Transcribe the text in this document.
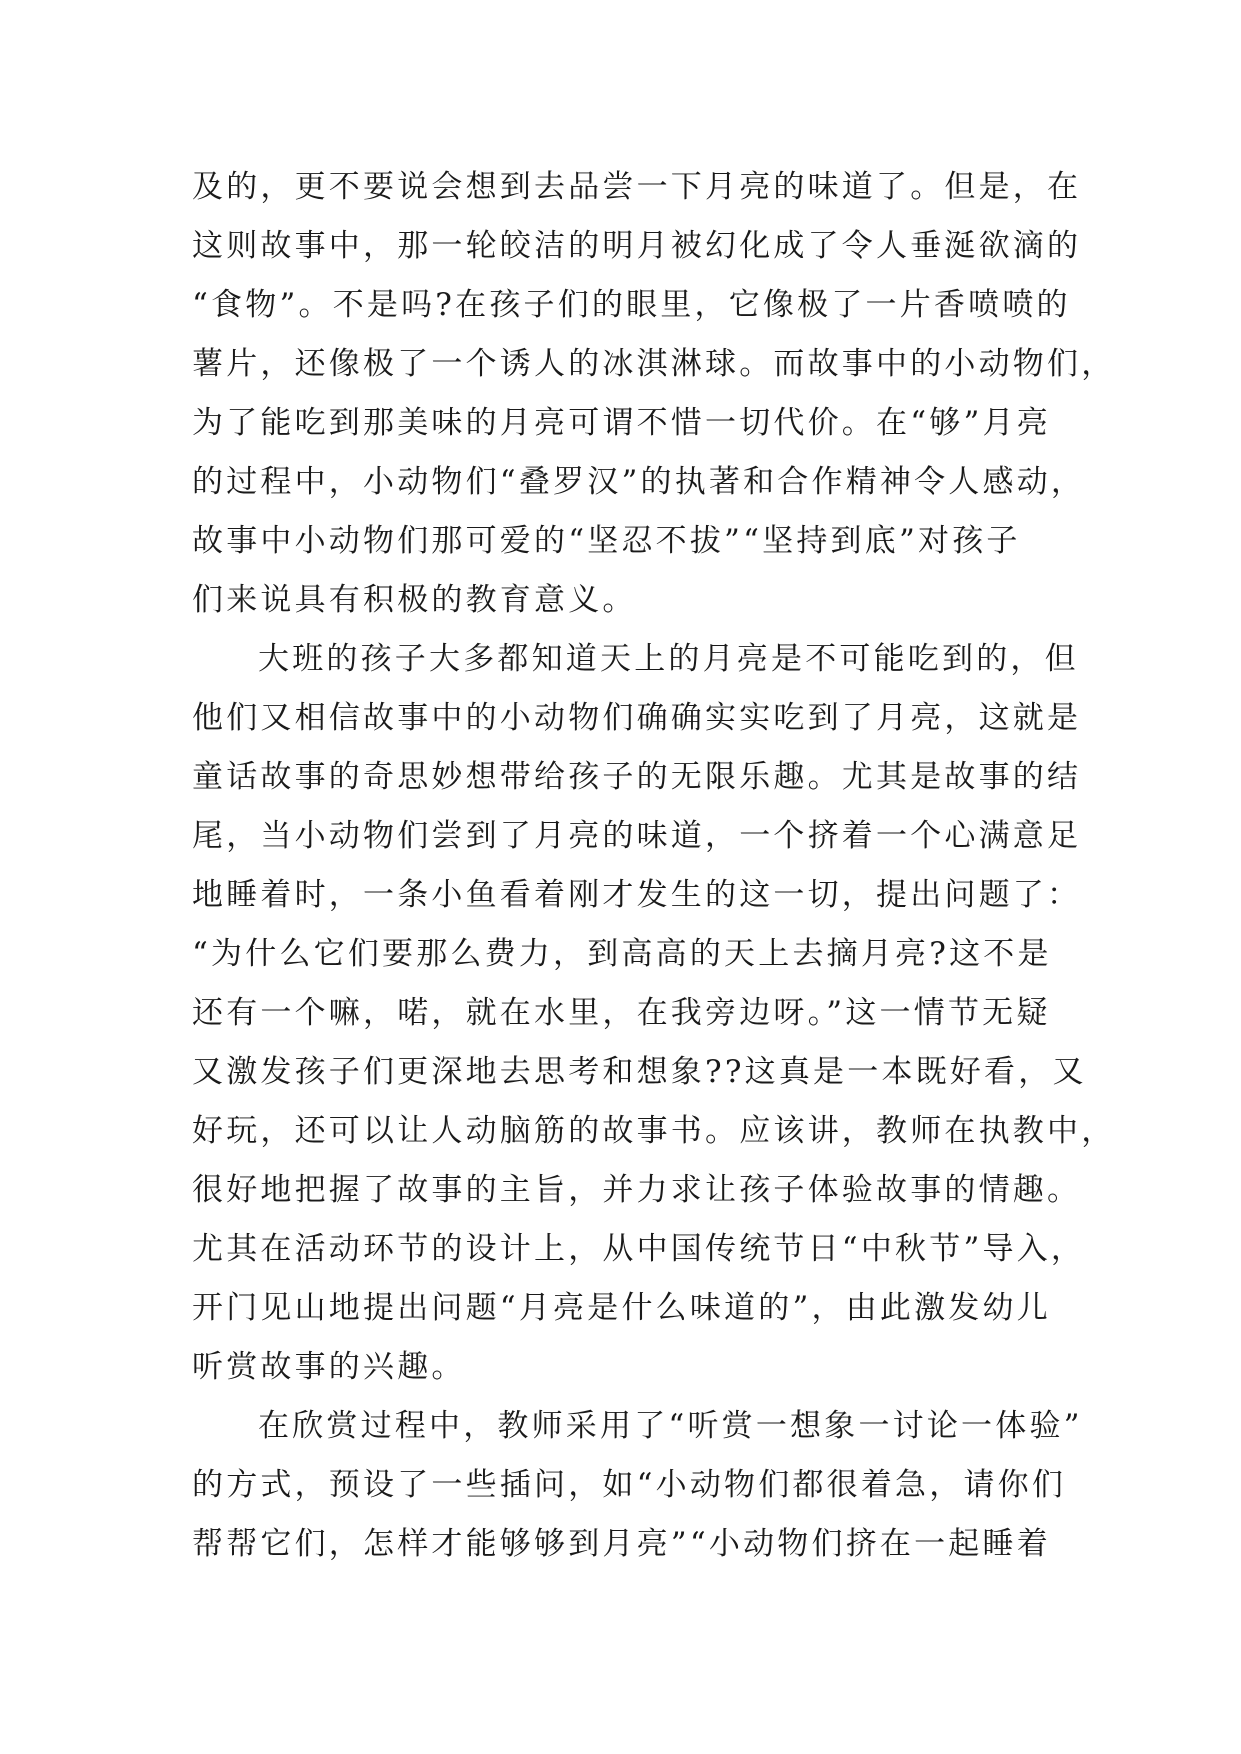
及的，更不要说会想到去品尝一下月亮的味道了。但是，在
这则故事中，那一轮皎洁的明月被幻化成了令人垂涎欲滴的
“食物”。不是吗?在孩子们的眼里，它像极了一片香喷喷的
薯片，还像极了一个诱人的冰淇淋球。而故事中的小动物们，
为了能吃到那美味的月亮可谓不惜一切代价。在“够”月亮
的过程中，小动物们“叠罗汉”的执著和合作精神令人感动，
故事中小动物们那可爱的“坚忍不拔”“坚持到底”对孩子
们来说具有积极的教育意义。

大班的孩子大多都知道天上的月亮是不可能吃到的，但
他们又相信故事中的小动物们确确实实吃到了月亮，这就是
童话故事的奇思妙想带给孩子的无限乐趣。尤其是故事的结
尾，当小动物们尝到了月亮的味道，一个挤着一个心满意足
地睡着时，一条小鱼看着刚才发生的这一切，提出问题了：
“为什么它们要那么费力，到高高的天上去摘月亮?这不是
还有一个嘛，喏，就在水里，在我旁边呀。”这一情节无疑
又激发孩子们更深地去思考和想象??这真是一本既好看，又
好玩，还可以让人动脑筋的故事书。应该讲，教师在执教中，
很好地把握了故事的主旨，并力求让孩子体验故事的情趣。
尤其在活动环节的设计上，从中国传统节日“中秋节”导入，
开门见山地提出问题“月亮是什么味道的”，由此激发幼儿
听赏故事的兴趣。

在欣赏过程中，教师采用了“听赏一想象一讨论一体验”
的方式，预设了一些插问，如“小动物们都很着急，请你们
帮帮它们，怎样才能够够到月亮”“小动物们挤在一起睡着
